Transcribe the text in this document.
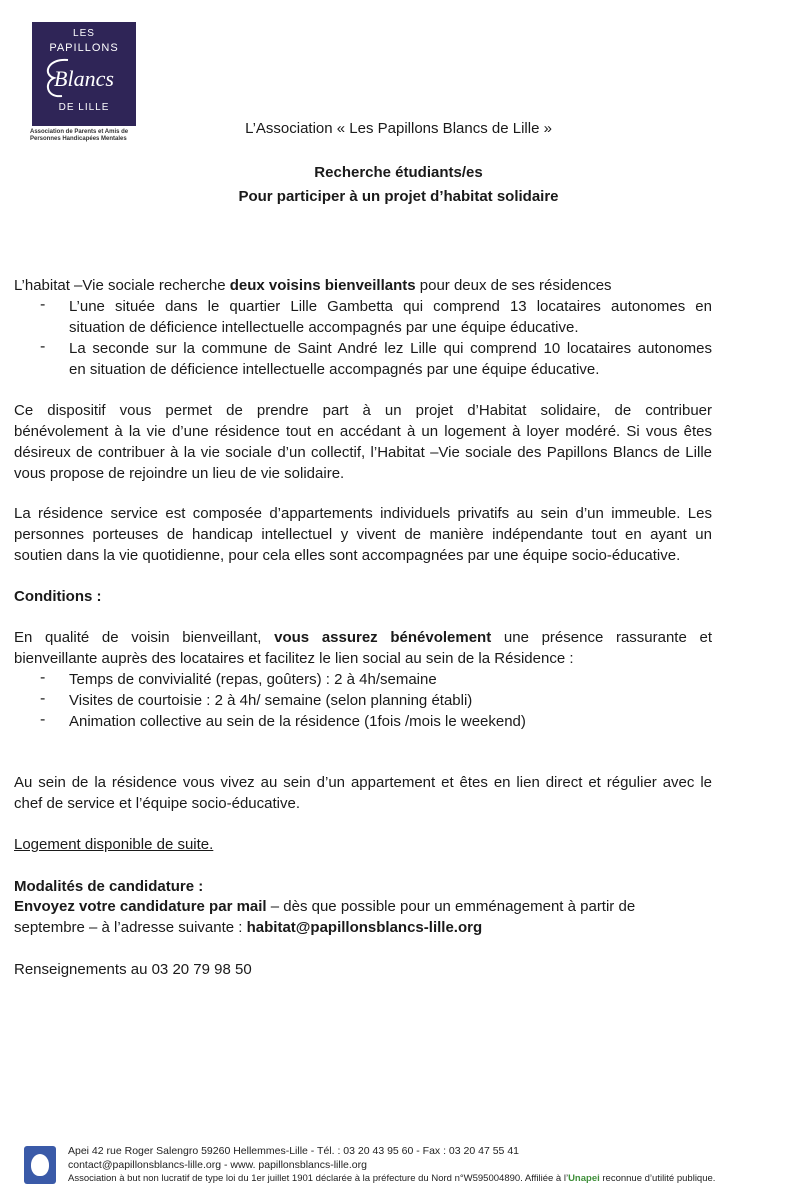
LES
PAPILLONS
Blancs
DE LILLE
Association de Parents et Amis de
Personnes Handicapées Mentales
L’Association « Les Papillons Blancs de Lille »
Recherche étudiants/es
Pour participer à un projet d’habitat solidaire
L’habitat –Vie sociale recherche deux voisins bienveillants pour deux de ses résidences
- L’une située dans le quartier Lille Gambetta qui comprend 13 locataires autonomes en
situation de déficience intellectuelle accompagnés par une équipe éducative.
- La seconde sur la commune de Saint André lez Lille qui comprend 10 locataires autonomes
en situation de déficience intellectuelle accompagnés par une équipe éducative.
Ce dispositif vous permet de prendre part à un projet d’Habitat solidaire, de contribuer
bénévolement à la vie d’une résidence tout en accédant à un logement à loyer modéré. Si vous êtes
désireux de contribuer à la vie sociale d’un collectif, l’Habitat –Vie sociale des Papillons Blancs de Lille
vous propose de rejoindre un lieu de vie solidaire.
La résidence service est composée d’appartements individuels privatifs au sein d’un immeuble. Les
personnes porteuses de handicap intellectuel y vivent de manière indépendante tout en ayant un
soutien dans la vie quotidienne, pour cela elles sont accompagnées par une équipe socio-éducative.
Conditions :
En qualité de voisin bienveillant, vous assurez bénévolement une présence rassurante et
bienveillante auprès des locataires et facilitez le lien social au sein de la Résidence :
- Temps de convivialité (repas, goûters) : 2 à 4h/semaine
- Visites de courtoisie : 2 à 4h/ semaine (selon planning établi)
- Animation collective au sein de la résidence (1fois /mois le weekend)
Au sein de la résidence vous vivez au sein d’un appartement et êtes en lien direct et régulier avec le
chef de service et l’équipe socio-éducative.
Logement disponible de suite.
Modalités de candidature :
Envoyez votre candidature par mail – dès que possible pour un emménagement à partir de
septembre – à l’adresse suivante : habitat@papillonsblancs-lille.org
Renseignements au 03 20 79 98 50
Apei 42 rue Roger Salengro 59260 Hellemmes-Lille - Tél. : 03 20 43 95 60 - Fax : 03 20 47 55 41
contact@papillonsblancs-lille.org - www. papillonsblancs-lille.org
Association à but non lucratif de type loi du 1er juillet 1901 déclarée à la préfecture du Nord n°W595004890. Affiliée à l’Unapei reconnue d’utilité publique.
